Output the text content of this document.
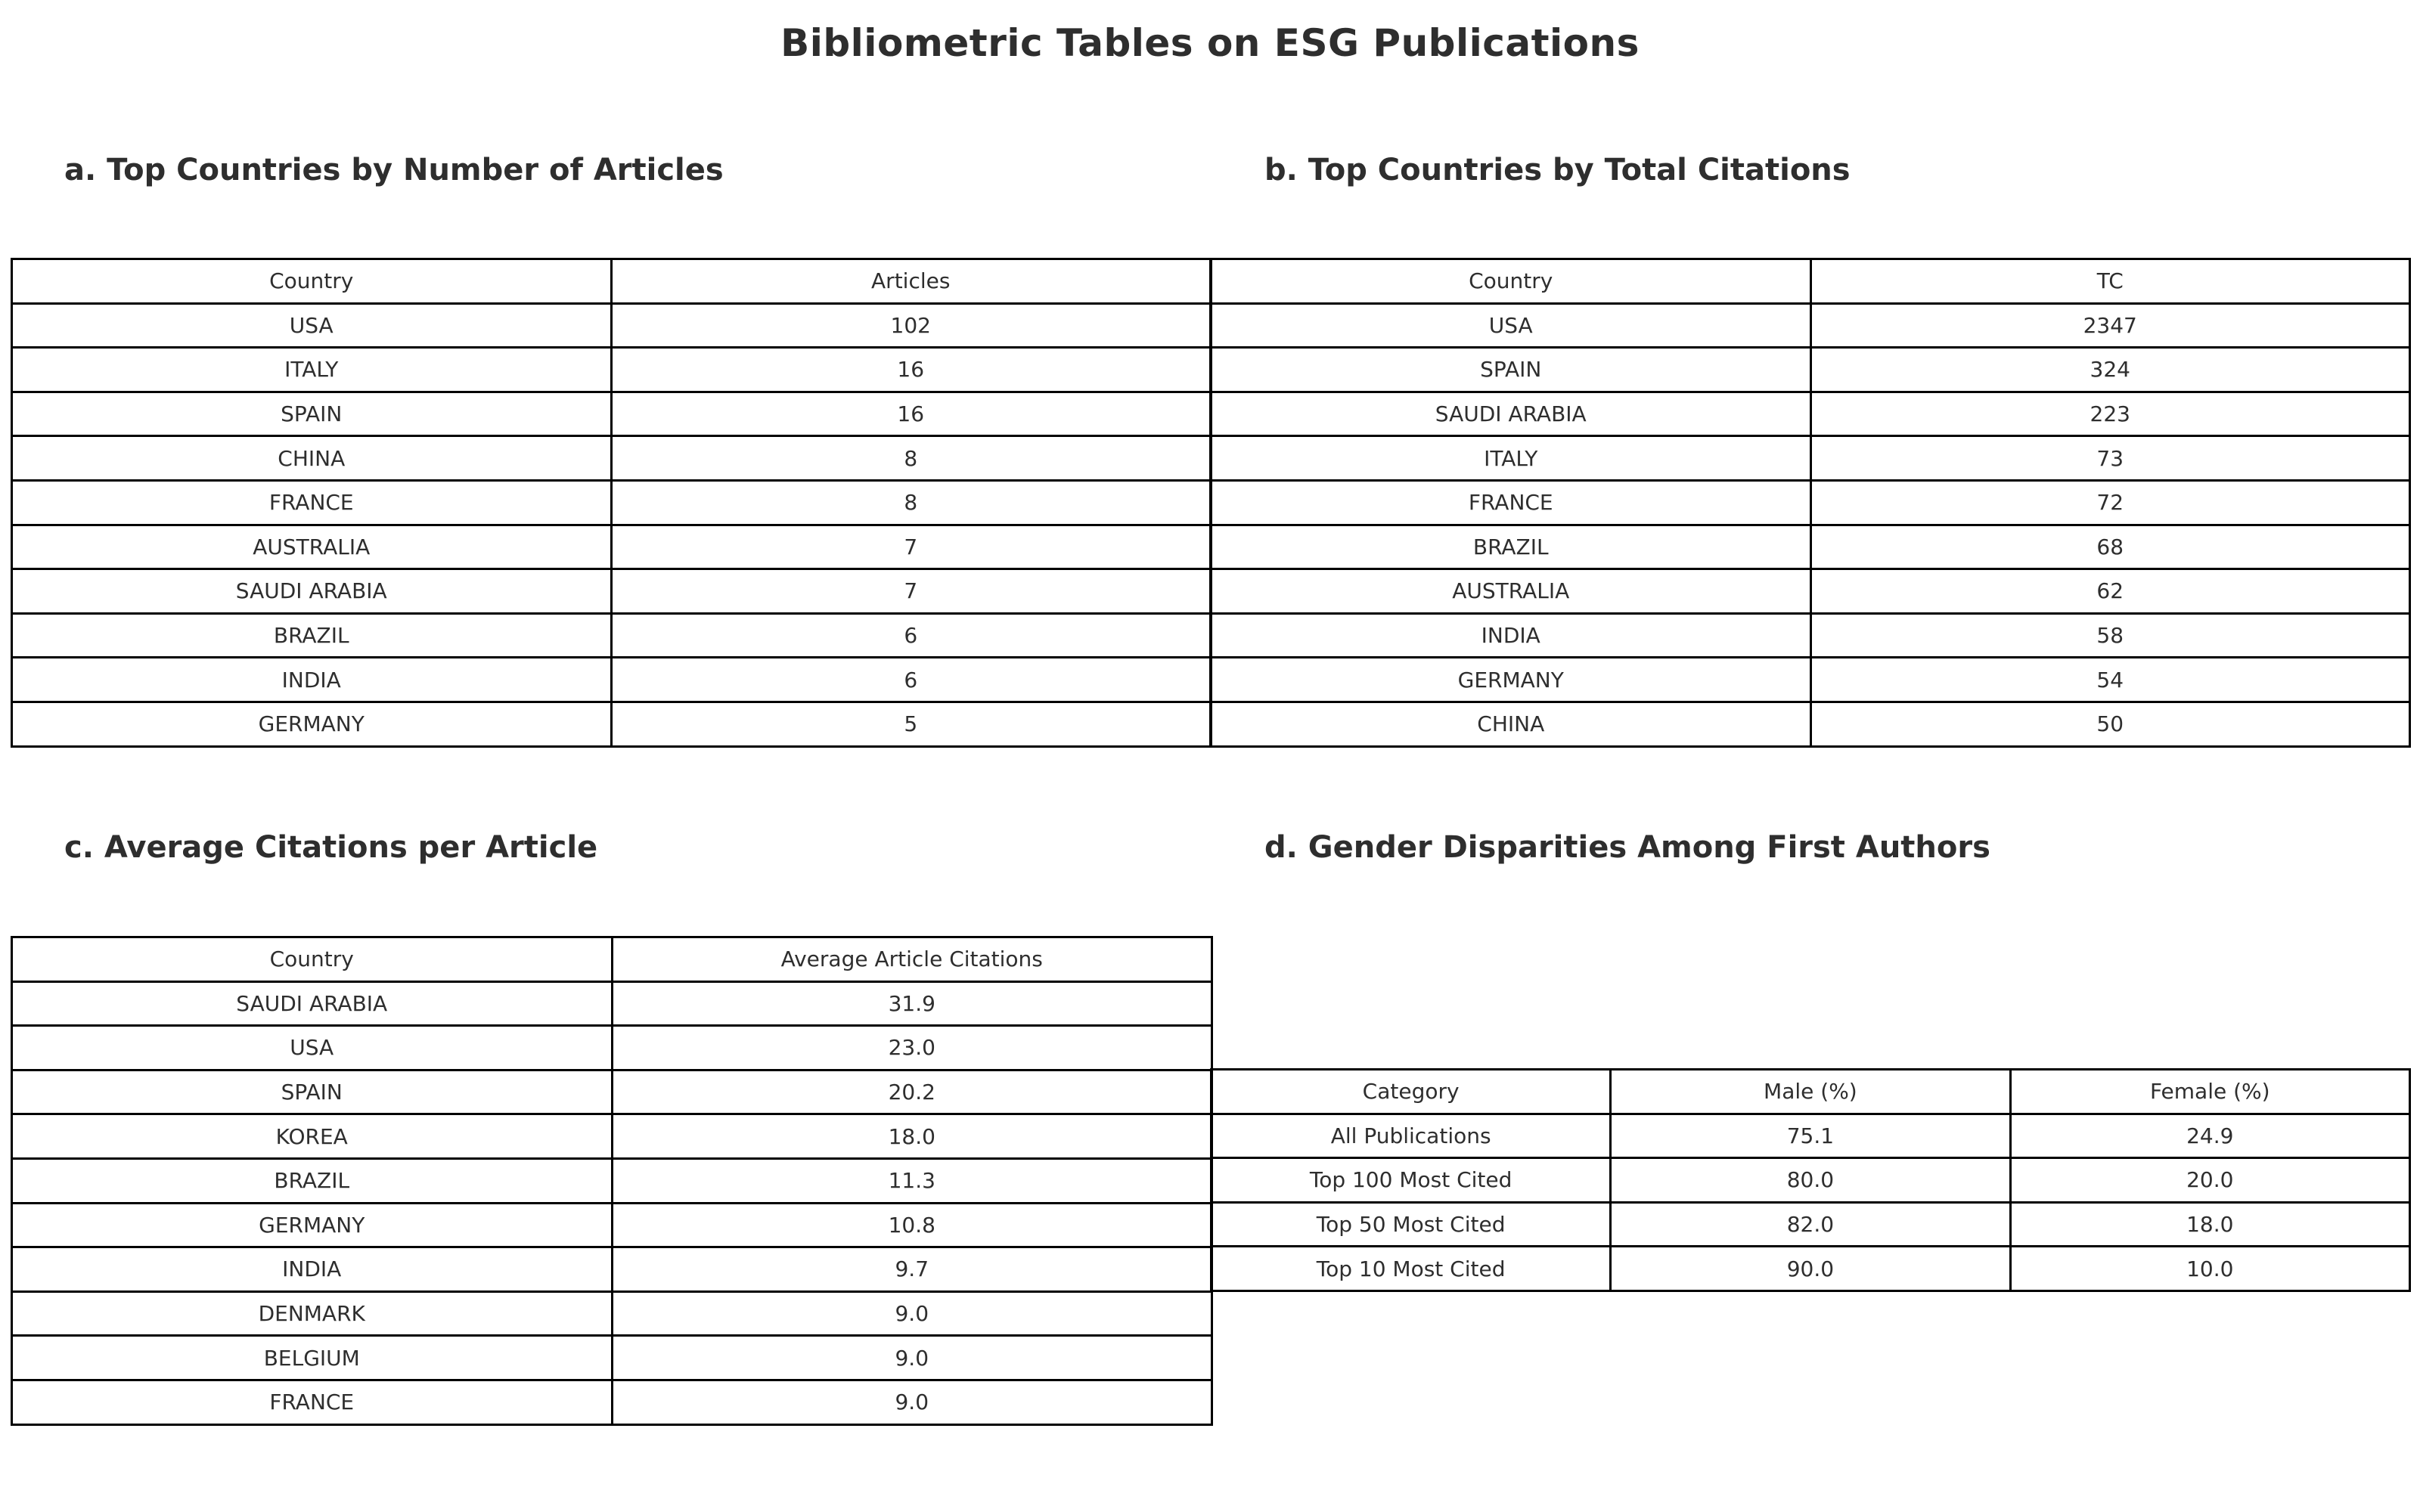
Bibliometric Tables on ESG Publications
a. Top Countries by Number of Articles	b. Top Countries by Total Citations
c. Average Citations per Article	d. Gender Disparities Among First Authors
Country	Articles
USA	102
ITALY	16
SPAIN	16
CHINA	8
FRANCE	8
AUSTRALIA	7
SAUDI ARABIA	7
BRAZIL	6
INDIA	6
GERMANY	5
Country	TC
USA	2347
SPAIN	324
SAUDI ARABIA	223
ITALY	73
FRANCE	72
BRAZIL	68
AUSTRALIA	62
INDIA	58
GERMANY	54
CHINA	50
Country	Average Article Citations
SAUDI ARABIA	31.9
USA	23.0
SPAIN	20.2
KOREA	18.0
BRAZIL	11.3
GERMANY	10.8
INDIA	9.7
DENMARK	9.0
BELGIUM	9.0
FRANCE	9.0
Category	Male (%)	Female (%)
All Publications	75.1	24.9
Top 100 Most Cited	80.0	20.0
Top 50 Most Cited	82.0	18.0
Top 10 Most Cited	90.0	10.0
